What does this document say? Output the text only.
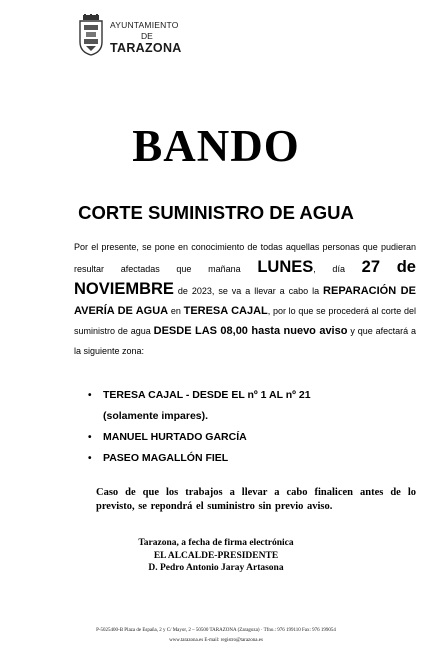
AYUNTAMIENTO
DE
TARAZONA
BANDO
CORTE SUMINISTRO DE AGUA
Por el presente, se pone en conocimiento de todas aquellas personas que pudieran resultar afectadas que mañana LUNES, día 27 de NOVIEMBRE de 2023, se va a llevar a cabo la REPARACIÓN DE AVERÍA DE AGUA en TERESA CAJAL, por lo que se procederá al corte del suministro de agua DESDE LAS 08,00 hasta nuevo aviso y que afectará a la siguiente zona:
• TERESA CAJAL - DESDE EL nº 1 AL nº 21
(solamente impares).
• MANUEL HURTADO GARCÍA
• PASEO MAGALLÓN FIEL
Caso de que los trabajos a llevar a cabo finalicen antes de lo previsto, se repondrá el suministro sin previo aviso.
Tarazona, a fecha de firma electrónica
EL ALCALDE-PRESIDENTE
D. Pedro Antonio Jaray Artasona
P-5025400-B Plaza de España, 2 y C/ Mayor, 2 – 50500 TARAZONA (Zaragoza) · Tfno.: 976 199110 Fax: 976 199054
www.tarazona.es E-mail: registro@tarazona.es
